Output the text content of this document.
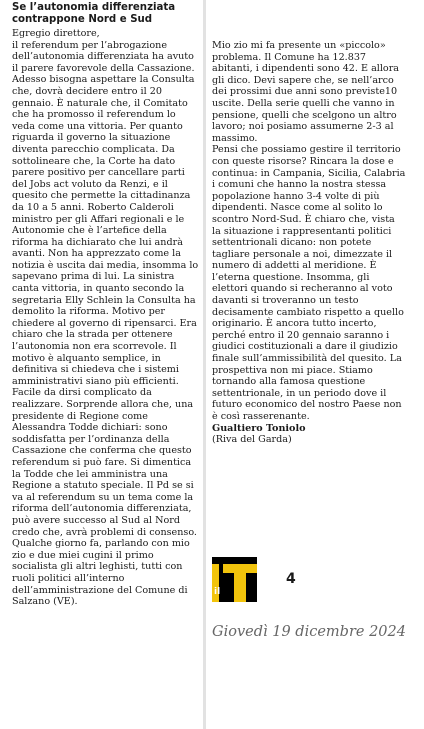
Se l’autonomia differenziata contrappone Nord e Sud

Egregio direttore,

il referendum per l’abrogazione dell’autonomia differenziata ha avuto il parere favorevole della Cassazione.

Adesso bisogna aspettare la Consulta che, dovrà decidere entro il 20 gennaio. È naturale che, il Comitato che ha promosso il referendum lo veda come una vittoria. Per quanto riguarda il governo la situazione diventa parecchio complicata. Da sottolineare che, la Corte ha dato parere positivo per cancellare parti del Jobs act voluto da Renzi, e il quesito che permette la cittadinanza da 10 a 5 anni. Roberto Calderoli ministro per gli Affari regionali e le Autonomie che è l’artefice della riforma ha dichiarato che lui andrà avanti. Non ha apprezzato come la notizia è uscita dai media, insomma lo sapevano prima di lui. La sinistra canta vittoria, in quanto secondo la segretaria Elly Schlein la Consulta ha demolito la riforma. Motivo per chiedere al governo di ripensarci. Era chiaro che la strada per ottenere l’autonomia non era scorrevole. Il motivo è alquanto semplice, in definitiva si chiedeva che i sistemi amministrativi siano più efficienti.

Facile da dirsi complicato da realizzare. Sorprende allora che, una presidente di Regione come Alessandra Todde dichiari: sono soddisfatta per l’ordinanza della Cassazione che conferma che questo referendum si può fare. Si dimentica la Todde che lei amministra una Regione a statuto speciale. Il Pd se si va al referendum su un tema come la riforma dell’autonomia differenziata, può avere successo al Sud al Nord credo che, avrà problemi di consenso. Qualche giorno fa, parlando con mio zio e due miei cugini il primo socialista gli altri leghisti, tutti con ruoli politici all’interno dell’amministrazione del Comune di Salzano (VE).

Mio zio mi fa presente un «piccolo» problema. Il Comune ha 12.837 abitanti, i dipendenti sono 42. E allora gli dico. Devi sapere che, se nell’arco dei prossimi due anni sono previste10 uscite. Della serie quelli che vanno in pensione, quelli che scelgono un altro lavoro; noi posiamo assumerne 2-3 al massimo.

Pensi che possiamo gestire il territorio con queste risorse? Rincara la dose e continua: in Campania, Sicilia, Calabria i comuni che hanno la nostra stessa popolazione hanno 3-4 volte di più dipendenti. Nasce come al solito lo scontro Nord-Sud. È chiaro che, vista la situazione i rappresentanti politici settentrionali dicano: non potete tagliare personale a noi, dimezzate il numero di addetti al meridione. È l’eterna questione. Insomma, gli elettori quando si recheranno al voto davanti si troveranno un testo decisamente cambiato rispetto a quello originario. È ancora tutto incerto, perché entro il 20 gennaio saranno i giudici costituzionali a dare il giudizio finale sull’ammissibilità del quesito. La prospettiva non mi piace. Stiamo tornando alla famosa questione settentrionale, in un periodo dove il futuro economico del nostro Paese non è così rasserenante.

Gualtiero Toniolo

(Riva del Garda)

il
4
Giovedì 19 dicembre 2024
